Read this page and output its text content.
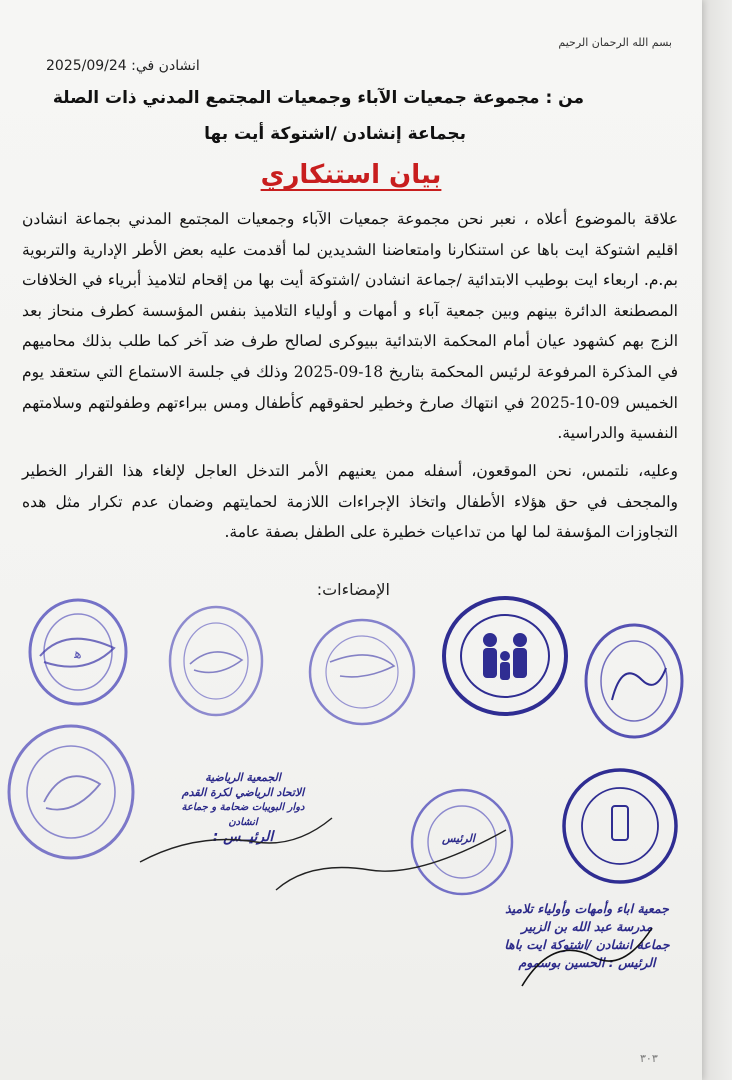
بسم الله الرحمان الرحيم
انشادن في: 2025/09/24
من : مجموعة جمعيات الآباء وجمعيات المجتمع المدني ذات الصلة
بجماعة إنشادن /اشتوكة أيت بها
بيان استنكاري
علاقة بالموضوع أعلاه ، نعبر نحن مجموعة جمعيات الآباء وجمعيات المجتمع المدني بجماعة انشادن اقليم اشتوكة ايت باها عن استنكارنا وامتعاضنا الشديدين لما أقدمت عليه بعض الأطر الإدارية والتربوية بم.م. اربعاء ايت بوطيب الابتدائية /جماعة انشادن /اشتوكة أيت بها من إقحام لتلاميذ أبرياء في الخلافات المصطنعة الدائرة بينهم وبين جمعية آباء و أمهات و أولياء التلاميذ بنفس المؤسسة كطرف منحاز بعد الزج بهم كشهود عيان أمام المحكمة الابتدائية ببيوكرى لصالح طرف ضد آخر كما طلب بذلك محاميهم في المذكرة المرفوعة لرئيس المحكمة بتاريخ 18-09-2025 وذلك في جلسة الاستماع التي ستعقد يوم الخميس 09-10-2025 في انتهاك صارخ وخطير لحقوقهم كأطفال ومس ببراءتهم وطفولتهم وسلامتهم النفسية والدراسية.
وعليه، نلتمس، نحن الموقعون، أسفله ممن يعنيهم الأمر التدخل العاجل لإلغاء هذا القرار الخطير والمجحف في حق هؤلاء الأطفال واتخاذ الإجراءات اللازمة لحمايتهم وضمان عدم تكرار مثل هده التجاوزات المؤسفة لما لها من تداعيات خطيرة على الطفل بصفة عامة.
الإمضاءات:
ﻫ
الجمعية الرياضية
الاتحاد الرياضي لكرة القدم
دوار البويبات ضحامة و جماعة انشادن
الرئيــس :	الرئيس
جمعية اباء وأمهات وأولياء تلاميذ
مدرسة عبد الله بن الزبير
جماعة انشادن /اشتوكة ايت باها
الرئيس : الحسين بوسموم
٣٠٣
